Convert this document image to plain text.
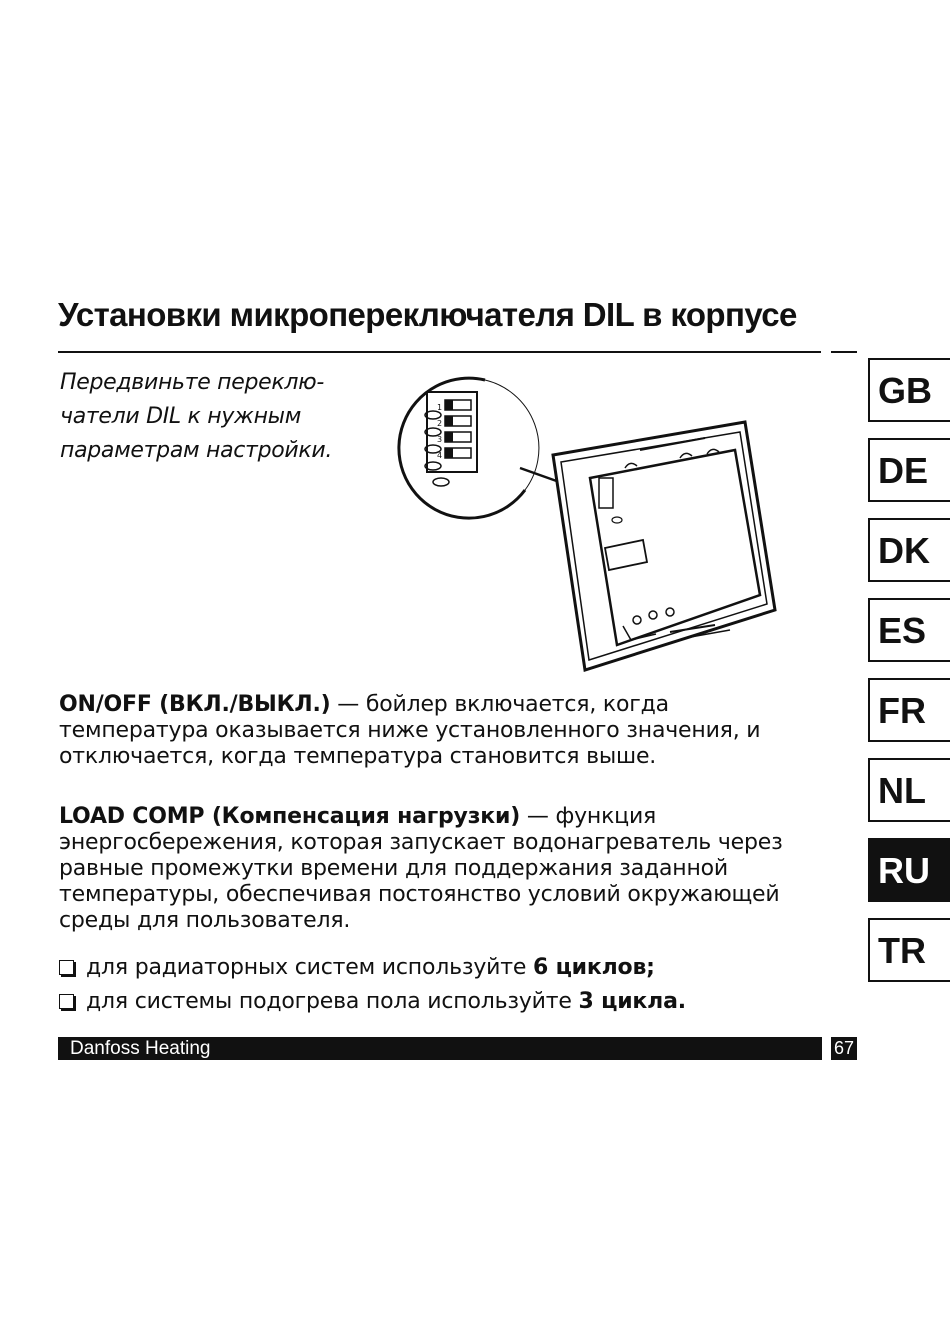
Установки микропереключателя DIL в корпусе
Передвиньте переклю-
чатели DIL к нужным
параметрам настройки.
1
2
3
4
ON/OFF (ВКЛ./ВЫКЛ.) — бойлер включается, когда температура оказывается ниже установленного значения, и отключается, когда температура становится выше.
LOAD COMP (Компенсация нагрузки) — функция энергосбережения, которая запускает водонагреватель через равные промежутки времени для поддержания заданной температуры, обеспечивая постоянство условий окружающей среды для пользователя.
для радиаторных систем используйте 6 циклов;
для системы подогрева пола используйте 3 цикла.
Danfoss Heating	67
GB
DE
DK
ES
FR
NL
RU
TR
